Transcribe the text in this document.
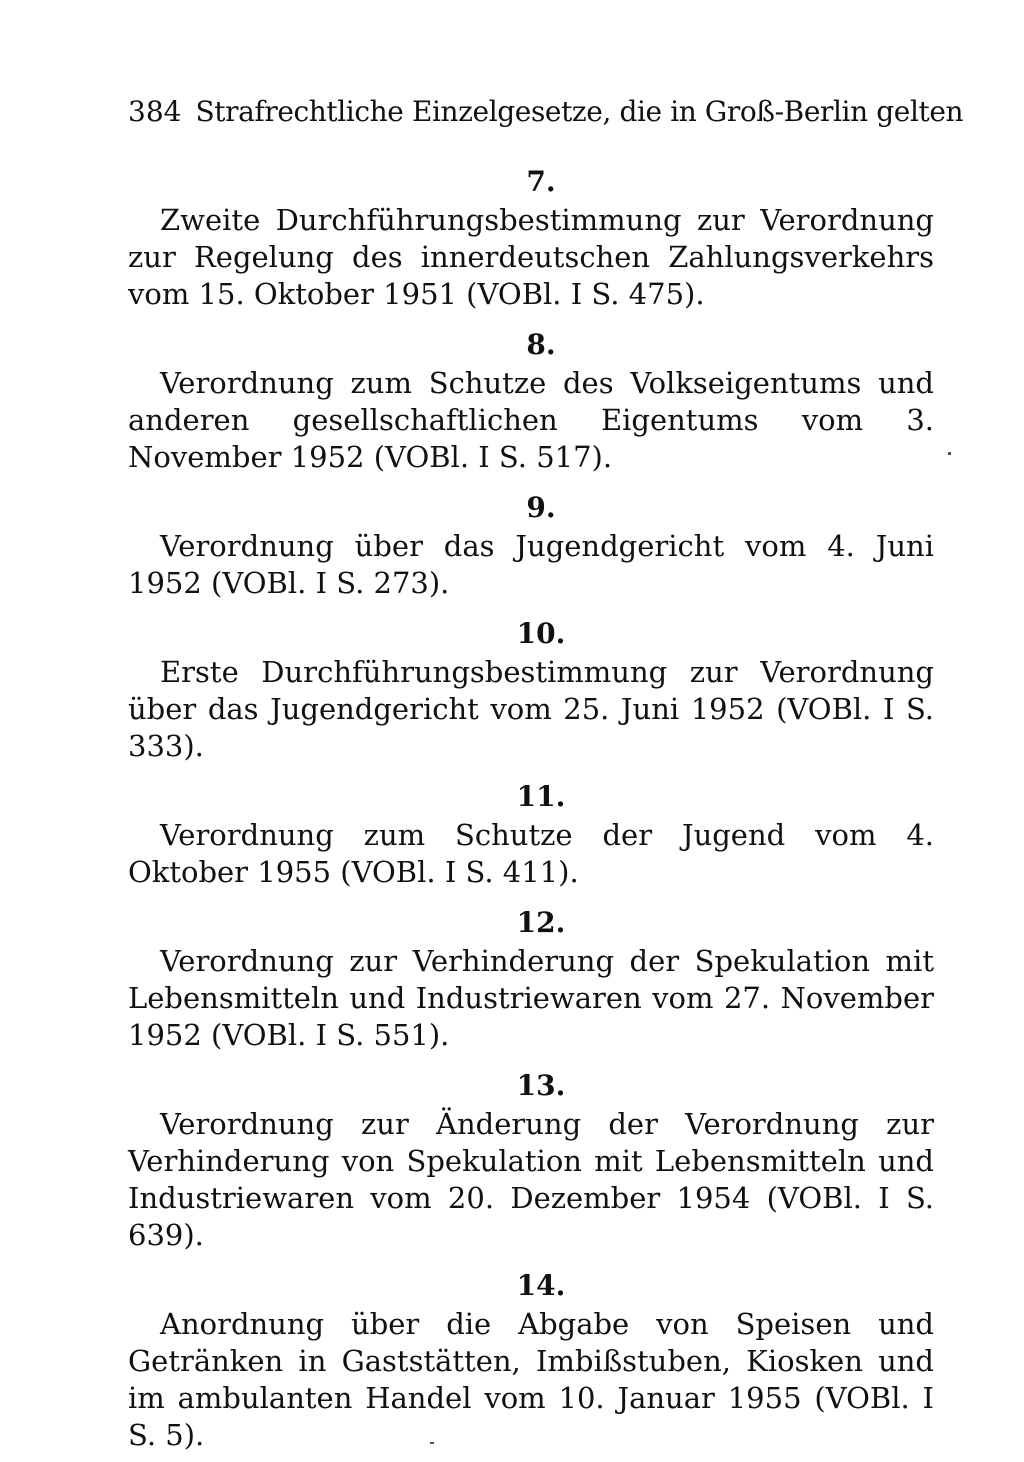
384 Strafrechtliche Einzelgesetze, die in Groß-Berlin gelten
7.

Zweite Durchführungsbestimmung zur Verordnung zur Regelung des innerdeutschen Zahlungsverkehrs vom 15. Oktober 1951 (VOBl. I S. 475).

8.

Verordnung zum Schutze des Volkseigentums und anderen gesellschaftlichen Eigentums vom 3. November 1952 (VOBl. I S. 517).

9.

Verordnung über das Jugendgericht vom 4. Juni 1952 (VOBl. I S. 273).

10.

Erste Durchführungsbestimmung zur Verordnung über das Jugendgericht vom 25. Juni 1952 (VOBl. I S. 333).

11.

Verordnung zum Schutze der Jugend vom 4. Oktober 1955 (VOBl. I S. 411).

12.

Verordnung zur Verhinderung der Spekulation mit Lebensmitteln und Industriewaren vom 27. November 1952 (VOBl. I S. 551).

13.

Verordnung zur Änderung der Verordnung zur Verhinderung von Spekulation mit Lebensmitteln und Industriewaren vom 20. Dezember 1954 (VOBl. I S. 639).

14.

Anordnung über die Abgabe von Speisen und Getränken in Gaststätten, Imbißstuben, Kiosken und im ambulanten Handel vom 10. Januar 1955 (VOBl. I S. 5).
